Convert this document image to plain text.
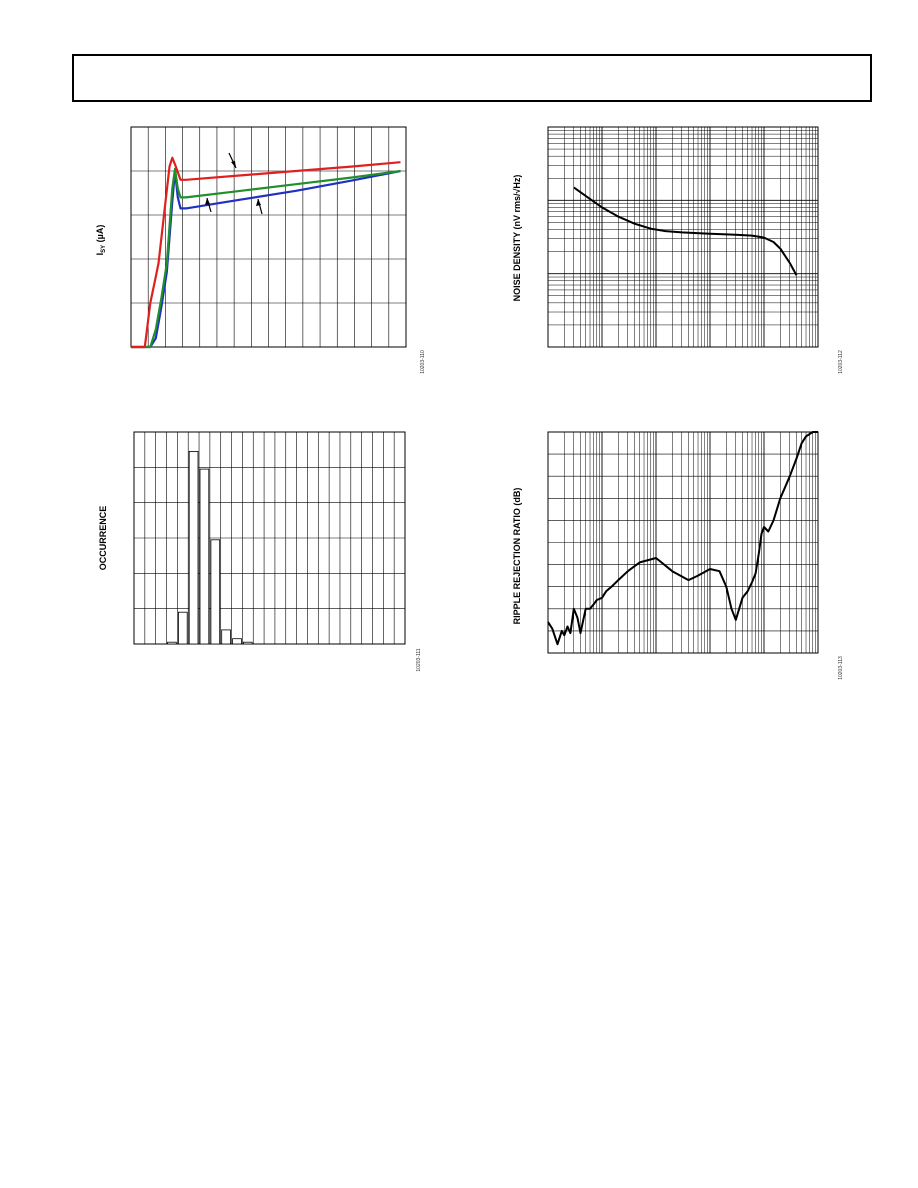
$I_{SY}$ (µA)
10203-110
OCCURRENCE
10203-111
NOISE DENSITY (nV rms/√Hz)
10203-112
RIPPLE REJECTION RATIO (dB)
10203-113
